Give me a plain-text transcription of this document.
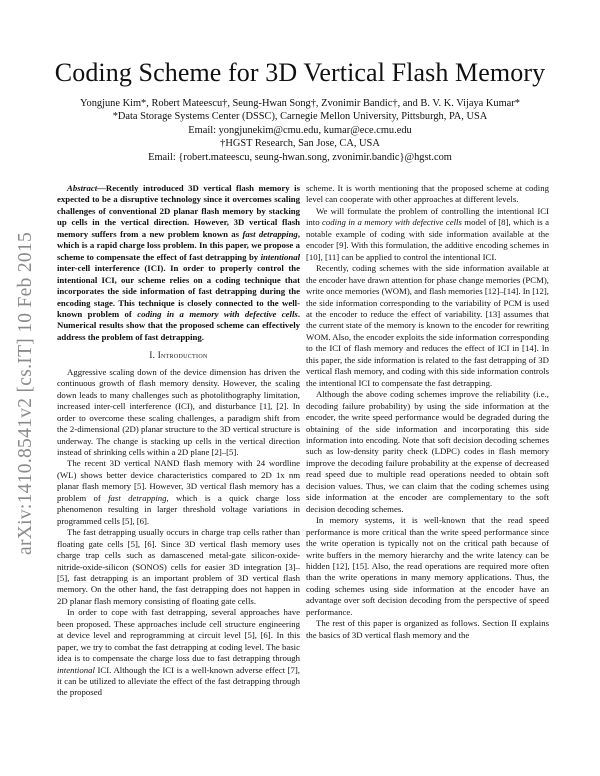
Coding Scheme for 3D Vertical Flash Memory
Yongjune Kim*, Robert Mateescu†, Seung-Hwan Song†, Zvonimir Bandic†, and B. V. K. Vijaya Kumar*
*Data Storage Systems Center (DSSC), Carnegie Mellon University, Pittsburgh, PA, USA
Email: yongjunekim@cmu.edu, kumar@ece.cmu.edu
†HGST Research, San Jose, CA, USA
Email: {robert.mateescu, seung-hwan.song, zvonimir.bandic}@hgst.com
arXiv:1410.8541v2 [cs.IT] 10 Feb 2015

Abstract—Recently introduced 3D vertical flash memory is expected to be a disruptive technology since it overcomes scaling challenges of conventional 2D planar flash memory by stacking up cells in the vertical direction. However, 3D vertical flash memory suffers from a new problem known as fast detrapping, which is a rapid charge loss problem. In this paper, we propose a scheme to compensate the effect of fast detrapping by intentional inter-cell interference (ICI). In order to properly control the intentional ICI, our scheme relies on a coding technique that incorporates the side information of fast detrapping during the encoding stage. This technique is closely connected to the well-known problem of coding in a memory with defective cells. Numerical results show that the proposed scheme can effectively address the problem of fast detrapping.

I. Introduction

Aggressive scaling down of the device dimension has driven the continuous growth of flash memory density. However, the scaling down leads to many challenges such as photolithography limitation, increased inter-cell interference (ICI), and disturbance [1], [2]. In order to overcome these scaling challenges, a paradigm shift from the 2-dimensional (2D) planar structure to the 3D vertical structure is underway. The change is stacking up cells in the vertical direction instead of shrinking cells within a 2D plane [2]–[5].

The recent 3D vertical NAND flash memory with 24 wordline (WL) shows better device characteristics compared to 2D 1x nm planar flash memory [5]. However, 3D vertical flash memory has a problem of fast detrapping, which is a quick charge loss phenomenon resulting in larger threshold voltage variations in programmed cells [5], [6].

The fast detrapping usually occurs in charge trap cells rather than floating gate cells [5], [6]. Since 3D vertical flash memory uses charge trap cells such as damascened metal-gate silicon-oxide-nitride-oxide-silicon (SONOS) cells for easier 3D integration [3]–[5], fast detrapping is an important problem of 3D vertical flash memory. On the other hand, the fast detrapping does not happen in 2D planar flash memory consisting of floating gate cells.

In order to cope with fast detrapping, several approaches have been proposed. These approaches include cell structure engineering at device level and reprogramming at circuit level [5], [6]. In this paper, we try to combat the fast detrapping at coding level. The basic idea is to compensate the charge loss due to fast detrapping through intentional ICI. Although the ICI is a well-known adverse effect [7], it can be utilized to alleviate the effect of the fast detrapping through the proposed

scheme. It is worth mentioning that the proposed scheme at coding level can cooperate with other approaches at different levels.

We will formulate the problem of controlling the intentional ICI into coding in a memory with defective cells model of [8], which is a notable example of coding with side information available at the encoder [9]. With this formulation, the additive encoding schemes in [10], [11] can be applied to control the intentional ICI.

Recently, coding schemes with the side information available at the encoder have drawn attention for phase change memories (PCM), write once memories (WOM), and flash memories [12]–[14]. In [12], the side information corresponding to the variability of PCM is used at the encoder to reduce the effect of variability. [13] assumes that the current state of the memory is known to the encoder for rewriting WOM. Also, the encoder exploits the side information corresponding to the ICI of flash memory and reduces the effect of ICI in [14]. In this paper, the side information is related to the fast detrapping of 3D vertical flash memory, and coding with this side information controls the intentional ICI to compensate the fast detrapping.

Although the above coding schemes improve the reliability (i.e., decoding failure probability) by using the side information at the encoder, the write speed performance would be degraded during the obtaining of the side information and incorporating this side information into encoding. Note that soft decision decoding schemes such as low-density parity check (LDPC) codes in flash memory improve the decoding failure probability at the expense of decreased read speed due to multiple read operations needed to obtain soft decision values. Thus, we can claim that the coding schemes using side information at the encoder are complementary to the soft decision decoding schemes.

In memory systems, it is well-known that the read speed performance is more critical than the write speed performance since the write operation is typically not on the critical path because of write buffers in the memory hierarchy and the write latency can be hidden [12], [15]. Also, the read operations are required more often than the write operations in many memory applications. Thus, the coding schemes using side information at the encoder have an advantage over soft decision decoding from the perspective of speed performance.

The rest of this paper is organized as follows. Section II explains the basics of 3D vertical flash memory and the
